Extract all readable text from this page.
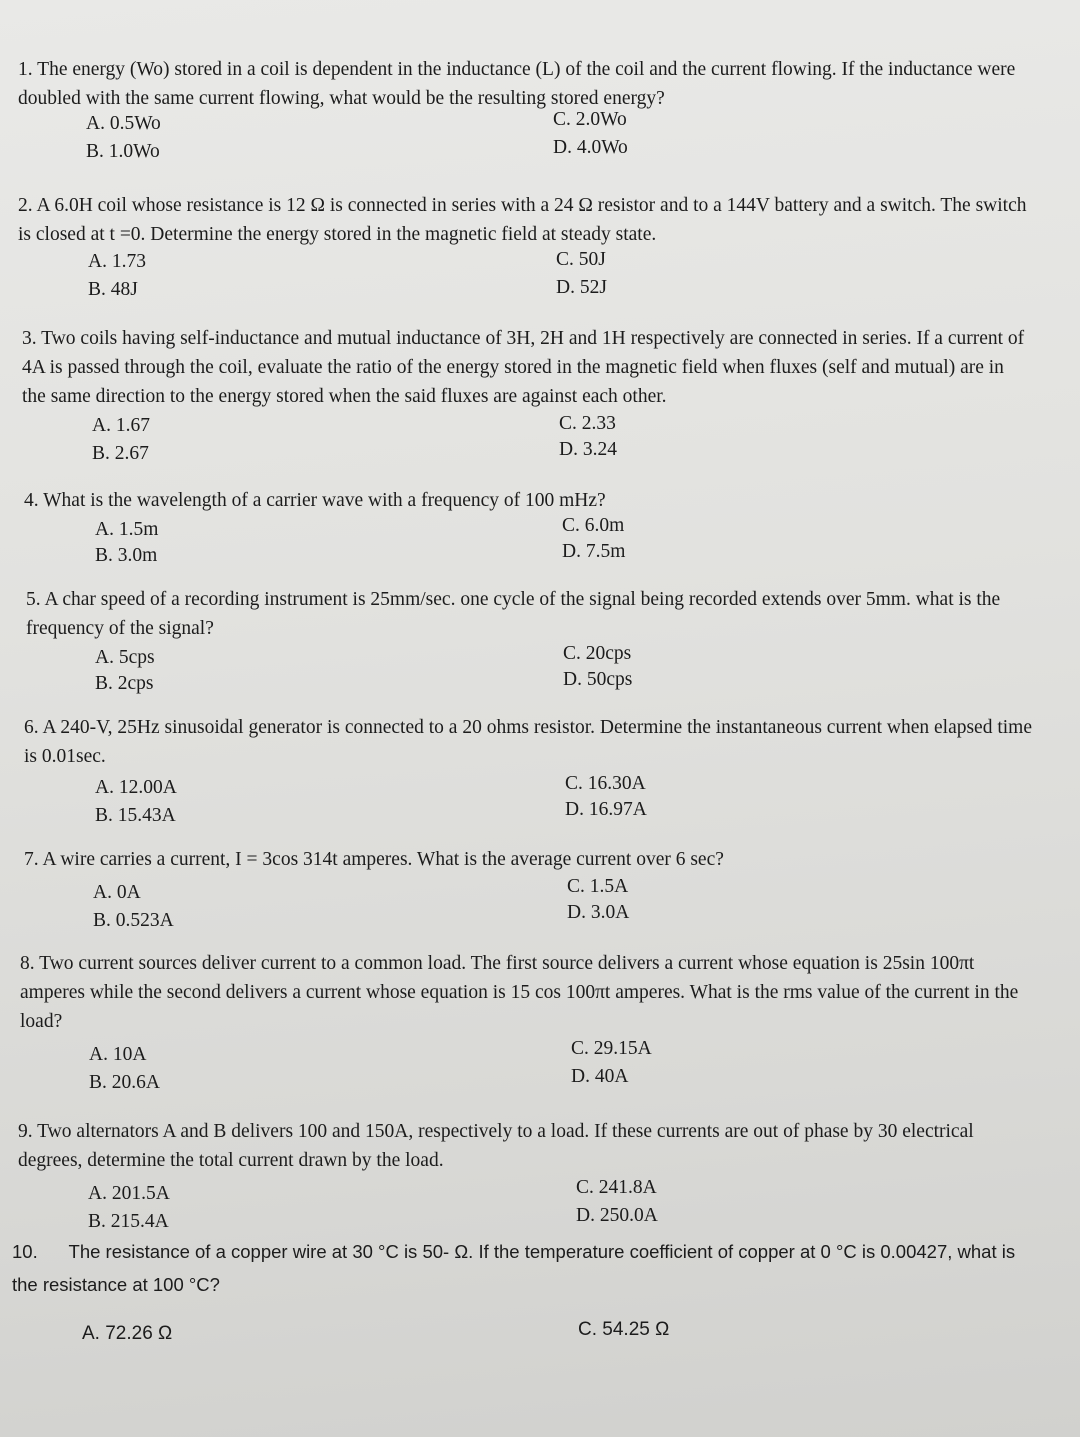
1. The energy (Wo) stored in a coil is dependent in the inductance (L) of the coil and the current flowing. If the inductance were doubled with the same current flowing, what would be the resulting stored energy?
A. 0.5Wo
B. 1.0Wo
C. 2.0Wo
D. 4.0Wo
2. A 6.0H coil whose resistance is 12 Ω is connected in series with a 24 Ω resistor and to a 144V battery and a switch. The switch is closed at t =0. Determine the energy stored in the magnetic field at steady state.
A. 1.73
B. 48J
C. 50J
D. 52J
3. Two coils having self-inductance and mutual inductance of 3H, 2H and 1H respectively are connected in series. If a current of 4A is passed through the coil, evaluate the ratio of the energy stored in the magnetic field when fluxes (self and mutual) are in the same direction to the energy stored when the said fluxes are against each other.
A. 1.67
B. 2.67
C. 2.33
D. 3.24
4. What is the wavelength of a carrier wave with a frequency of 100 mHz?
A. 1.5m
B. 3.0m
C. 6.0m
D. 7.5m
5. A char speed of a recording instrument is 25mm/sec. one cycle of the signal being recorded extends over 5mm. what is the frequency of the signal?
A. 5cps
B. 2cps
C. 20cps
D. 50cps
6. A 240-V, 25Hz sinusoidal generator is connected to a 20 ohms resistor. Determine the instantaneous current when elapsed time is 0.01sec.
A. 12.00A
B. 15.43A
C. 16.30A
D. 16.97A
7. A wire carries a current, I = 3cos 314t amperes. What is the average current over 6 sec?
A. 0A
B. 0.523A
C. 1.5A
D. 3.0A
8. Two current sources deliver current to a common load. The first source delivers a current whose equation is 25sin 100πt amperes while the second delivers a current whose equation is 15 cos 100πt amperes. What is the rms value of the current in the load?
A. 10A
B. 20.6A
C. 29.15A
D. 40A
9. Two alternators A and B delivers 100 and 150A, respectively to a load. If these currents are out of phase by 30 electrical degrees, determine the total current drawn by the load.
A. 201.5A
B. 215.4A
C. 241.8A
D. 250.0A
10. The resistance of a copper wire at 30 °C is 50- Ω. If the temperature coefficient of copper at 0 °C is 0.00427, what is the resistance at 100 °C?
A. 72.26 Ω	C. 54.25 Ω
